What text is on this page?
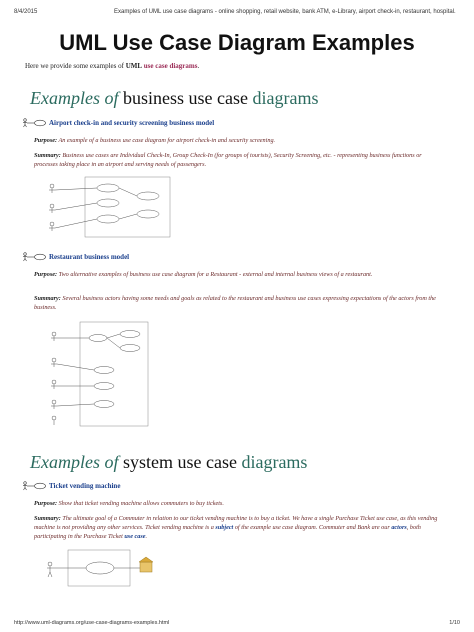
8/4/2015	Examples of UML use case diagrams - online shopping, retail website, bank ATM, e-Library, airport check-in, restaurant, hospital.
UML Use Case Diagram Examples
Here we provide some examples of UML use case diagrams.
Examples of business use case diagrams
Airport check-in and security screening business model
Purpose: An example of a business use case diagram for airport check-in and security screening.
Summary: Business use cases are Individual Check-In, Group Check-In (for groups of tourists), Security Screening, etc. - representing business functions or processes taking place in an airport and serving needs of passengers.
Restaurant business model
Purpose: Two alternative examples of business use case diagram for a Restaurant - external and internal business views of a restaurant.
Summary: Several business actors having some needs and goals as related to the restaurant and business use cases expressing expectations of the actors from the business.
Examples of system use case diagrams
Ticket vending machine
Purpose: Show that ticket vending machine allows commuters to buy tickets.
Summary: The ultimate goal of a Commuter in relation to our ticket vending machine is to buy a ticket. We have a single Purchase Ticket use case, as this vending machine is not providing any other services. Ticket vending machine is a subject of the example use case diagram. Commuter and Bank are our actors, both participating in the Purchase Ticket use case.
http://www.uml-diagrams.org/use-case-diagrams-examples.html	1/10
